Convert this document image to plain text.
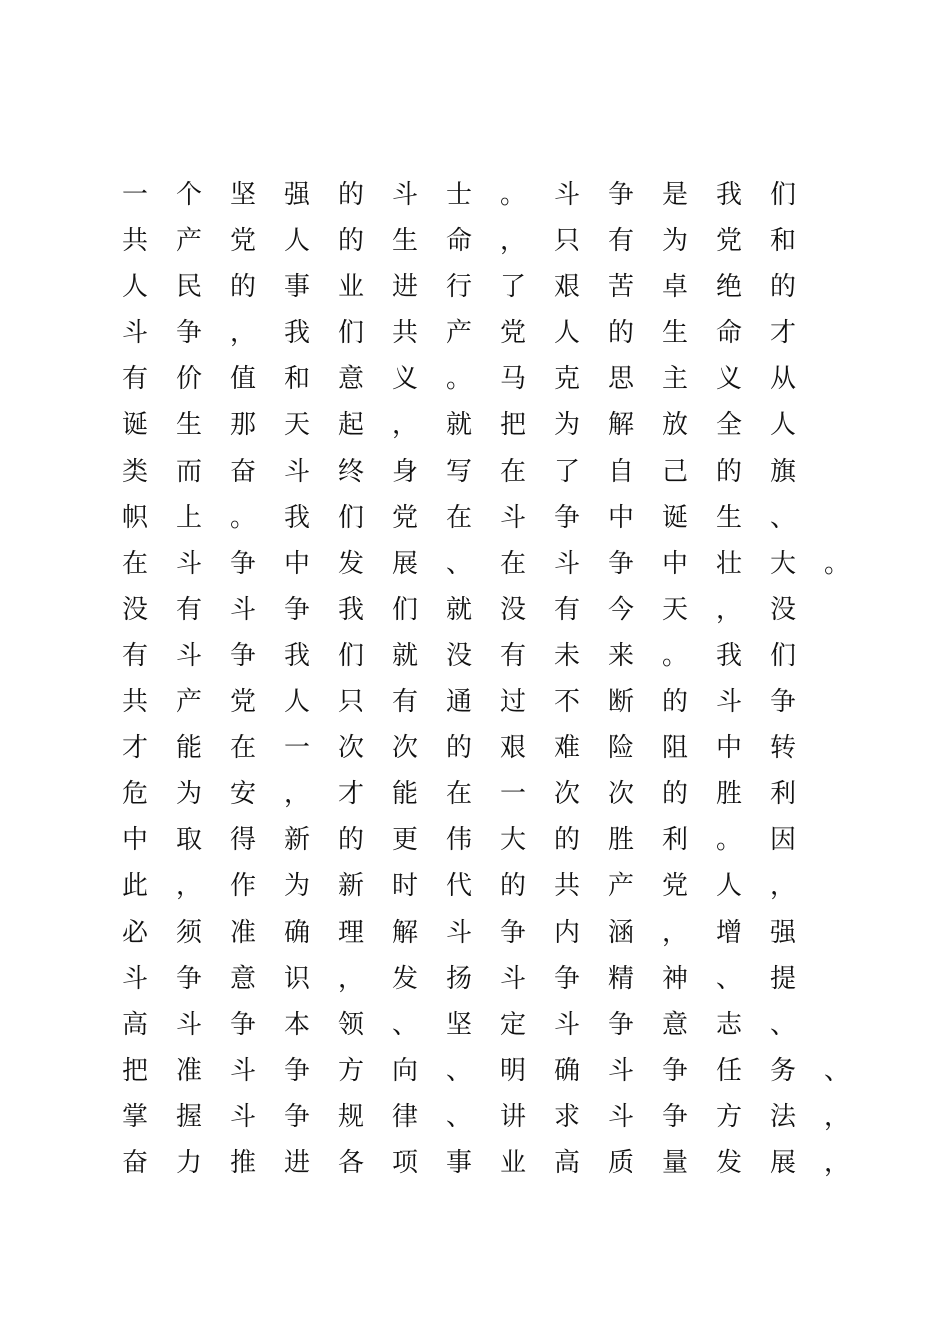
一个坚强的斗士。斗争是我们
共产党人的生命，只有为党和
人民的事业进行了艰苦卓绝的
斗争，我们共产党人的生命才
有价值和意义。马克思主义从
诞生那天起，就把为解放全人
类而奋斗终身写在了自己的旗
帜上。我们党在斗争中诞生、
在斗争中发展、在斗争中壮大。
没有斗争我们就没有今天，没
有斗争我们就没有未来。我们
共产党人只有通过不断的斗争
才能在一次次的艰难险阻中转
危为安，才能在一次次的胜利
中取得新的更伟大的胜利。因
此，作为新时代的共产党人，
必须准确理解斗争内涵，增强
斗争意识，发扬斗争精神、提
高斗争本领、坚定斗争意志、
把准斗争方向、明确斗争任务、
掌握斗争规律、讲求斗争方法，
奋力推进各项事业高质量发展，
